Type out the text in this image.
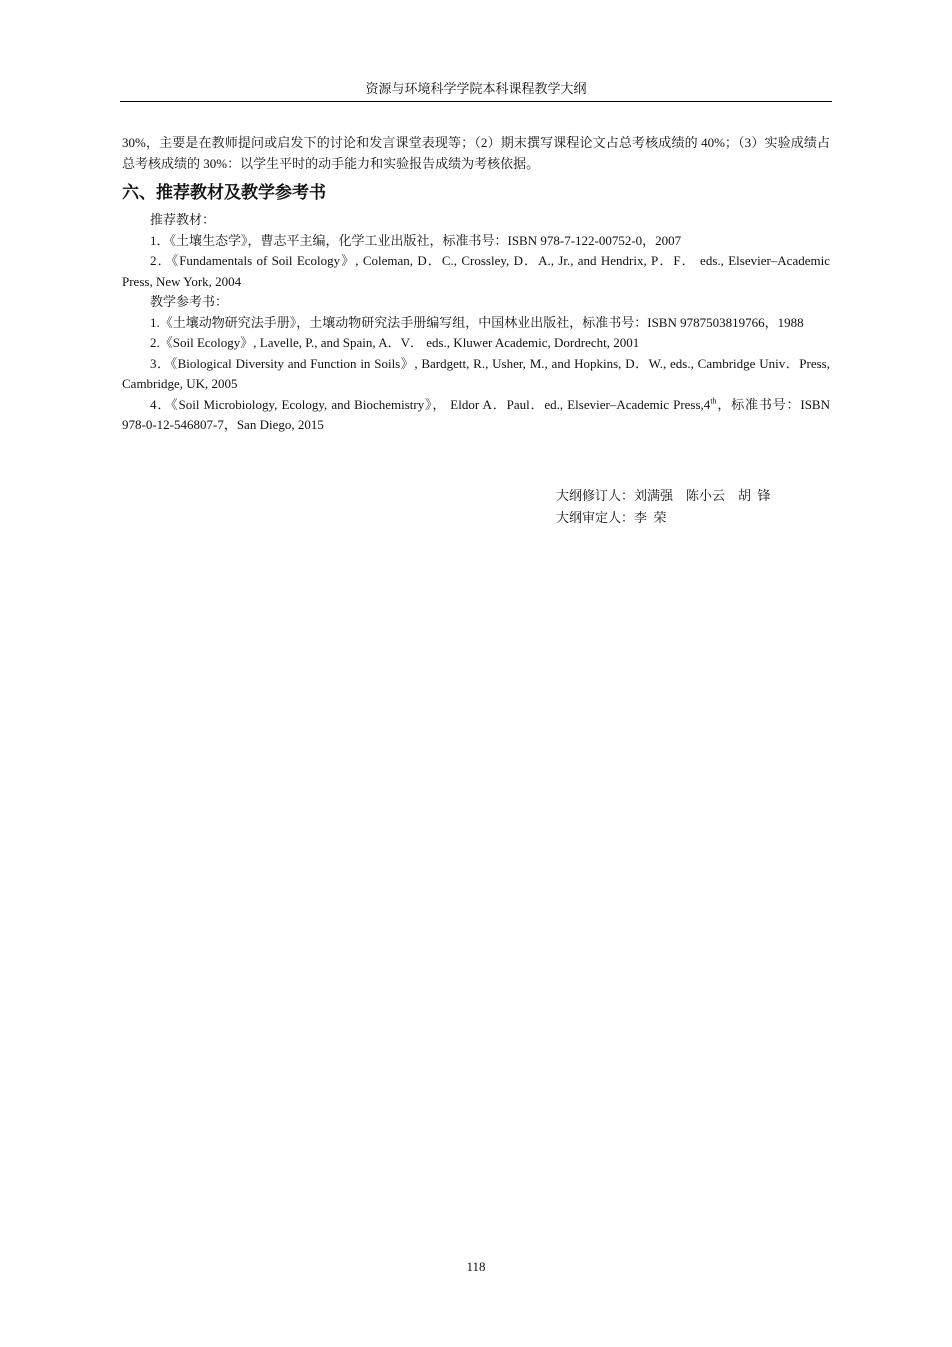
资源与环境科学学院本科课程教学大纲

30%，主要是在教师提问或启发下的讨论和发言课堂表现等；（2）期末撰写课程论文占总考核成绩的 40%；（3）实验成绩占总考核成绩的 30%：以学生平时的动手能力和实验报告成绩为考核依据。

六、推荐教材及教学参考书

推荐教材：

1．《土壤生态学》，曹志平主编，化学工业出版社，标准书号：ISBN 978-7-122-00752-0，2007

2．《Fundamentals of Soil Ecology》, Coleman, D．C., Crossley, D．A., Jr., and Hendrix, P．F． eds., Elsevier–Academic Press, New York, 2004

教学参考书：

1.《土壤动物研究法手册》，土壤动物研究法手册编写组，中国林业出版社，标准书号：ISBN 9787503819766，1988

2.《Soil Ecology》, Lavelle, P., and Spain, A．V． eds., Kluwer Academic, Dordrecht, 2001

3．《Biological Diversity and Function in Soils》, Bardgett, R., Usher, M., and Hopkins, D．W., eds., Cambridge Univ．Press, Cambridge, UK, 2005

4．《Soil Microbiology, Ecology, and Biochemistry》， Eldor A．Paul．ed., Elsevier–Academic Press,4th，标准书号：ISBN 978-0-12-546807-7，San Diego, 2015

大纲修订人：刘满强    陈小云    胡  锋

大纲审定人：李  荣

118
